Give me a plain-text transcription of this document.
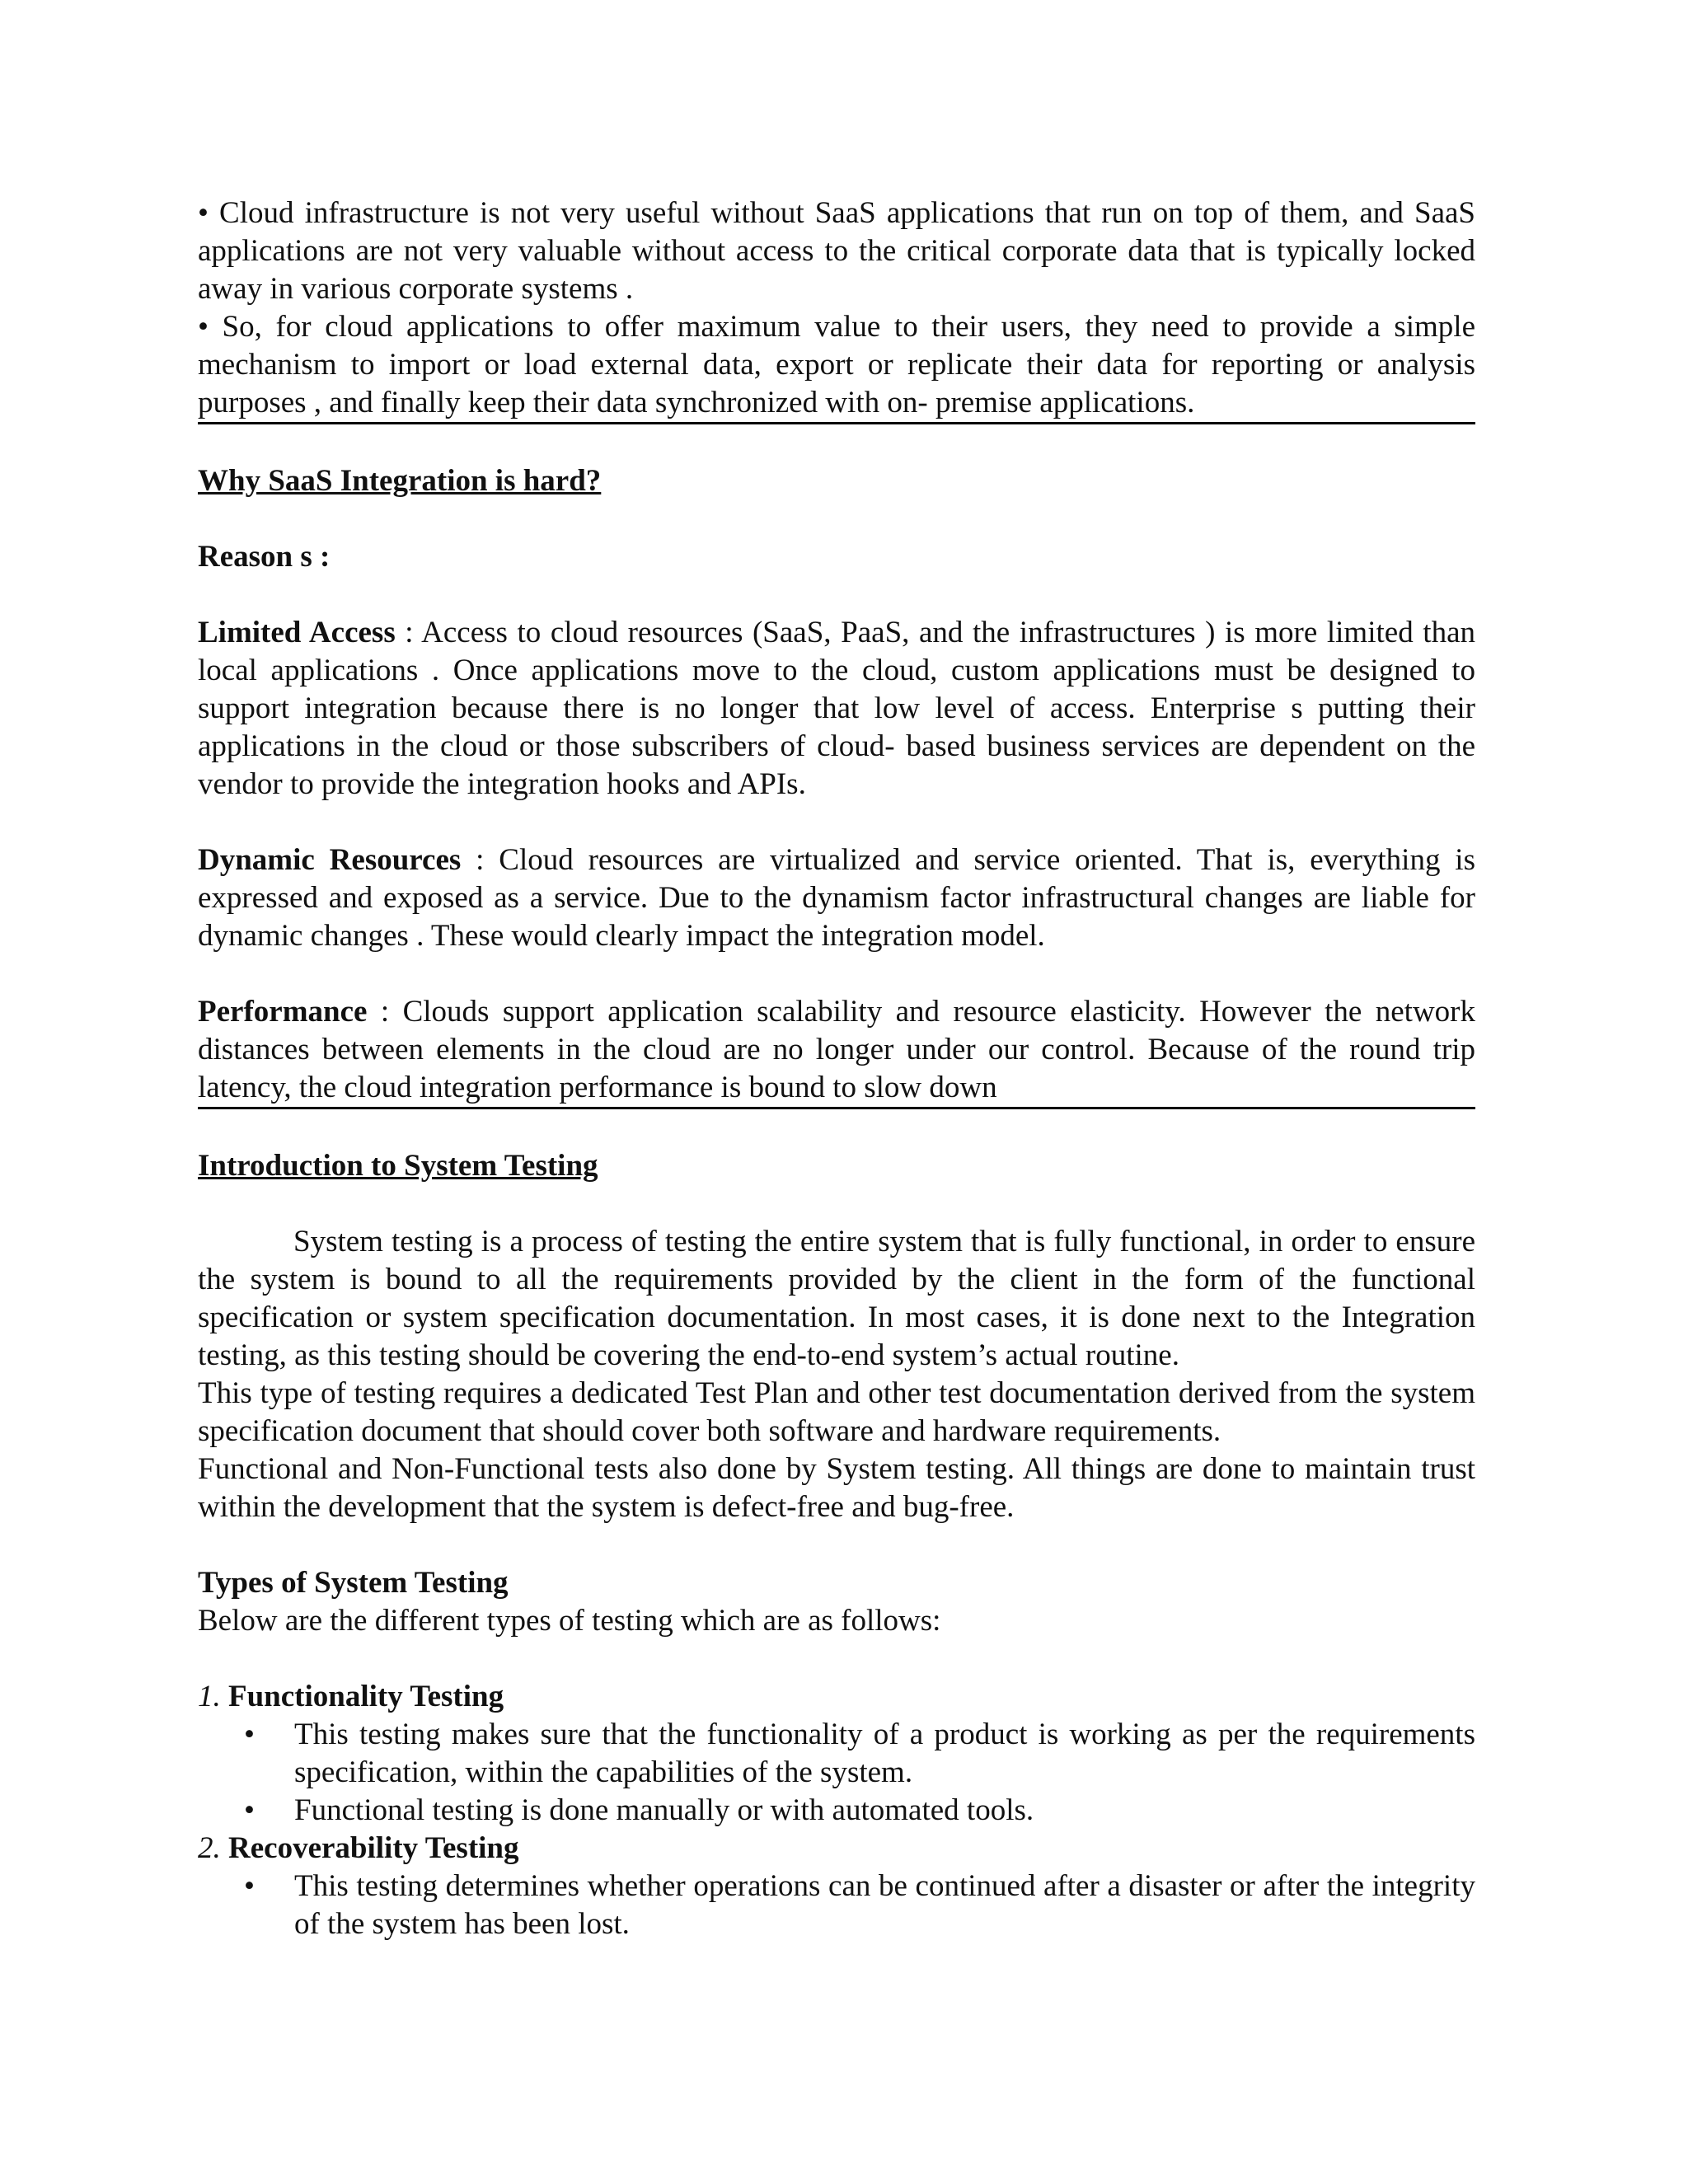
• Cloud infrastructure is not very useful without SaaS applications that run on top of them, and SaaS applications are not very valuable without access to the critical corporate data that is typically locked away in various corporate systems .

• So, for cloud applications to offer maximum value to their users, they need to provide a simple mechanism to import or load external data, export or replicate their data for reporting or analysis purposes , and finally keep their data synchronized with on- premise applications.

Why SaaS Integration is hard?

Reason s :

Limited Access : Access to cloud resources (SaaS, PaaS, and the infrastructures ) is more limited than local applications . Once applications move to the cloud, custom applications must be designed to support integration because there is no longer that low level of access. Enterprise s putting their applications in the cloud or those subscribers of cloud- based business services are dependent on the vendor to provide the integration hooks and APIs.

Dynamic Resources : Cloud resources are virtualized and service oriented. That is, everything is expressed and exposed as a service. Due to the dynamism factor infrastructural changes are liable for dynamic changes . These would clearly impact the integration model.

Performance : Clouds support application scalability and resource elasticity. However the network distances between elements in the cloud are no longer under our control. Because of the round trip latency, the cloud integration performance is bound to slow down

Introduction to System Testing

System testing is a process of testing the entire system that is fully functional, in order to ensure the system is bound to all the requirements provided by the client in the form of the functional specification or system specification documentation. In most cases, it is done next to the Integration testing, as this testing should be covering the end-to-end system’s actual routine.

This type of testing requires a dedicated Test Plan and other test documentation derived from the system specification document that should cover both software and hardware requirements.

Functional and Non-Functional tests also done by System testing. All things are done to maintain trust within the development that the system is defect-free and bug-free.

Types of System Testing

Below are the different types of testing which are as follows:

1. Functionality Testing

• This testing makes sure that the functionality of a product is working as per the requirements specification, within the capabilities of the system.
• Functional testing is done manually or with automated tools.

2. Recoverability Testing

• This testing determines whether operations can be continued after a disaster or after the integrity of the system has been lost.
